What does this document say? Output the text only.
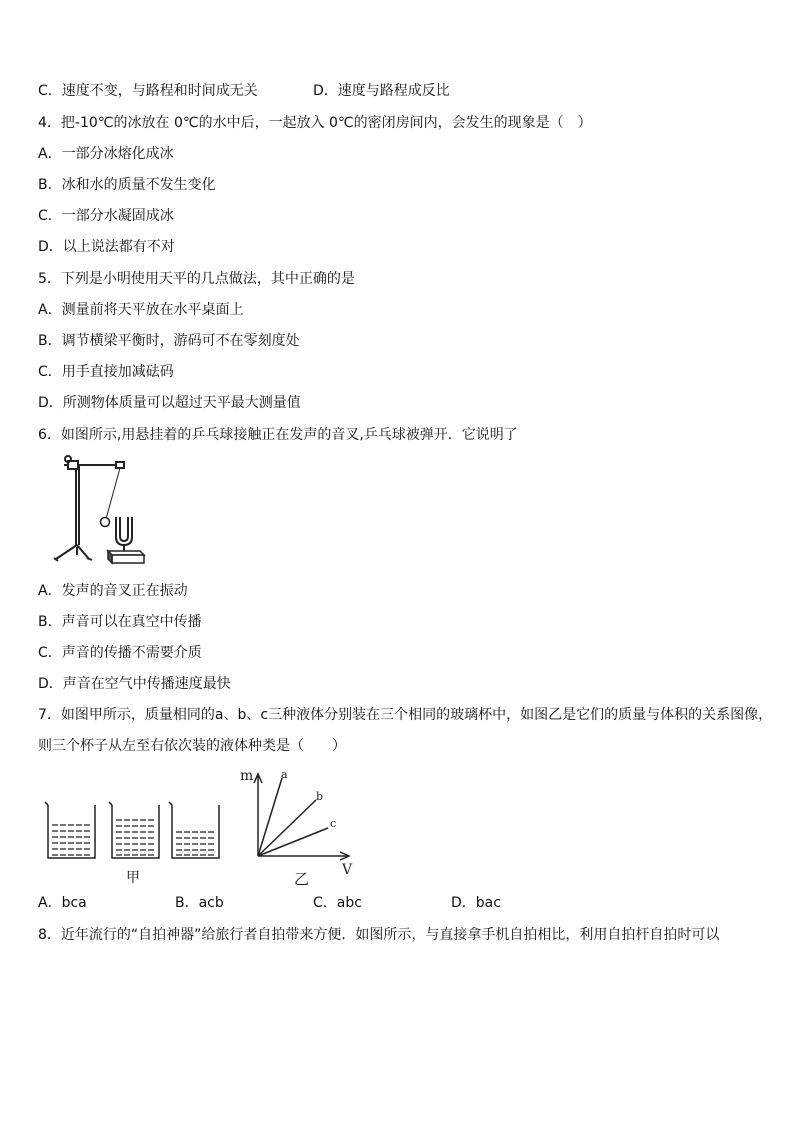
C．速度不变，与路程和时间成无关	D．速度与路程成反比
4．把-10℃的冰放在 0℃的水中后，一起放入 0℃的密闭房间内，会发生的现象是（　）
A．一部分冰熔化成冰
B．冰和水的质量不发生变化
C．一部分水凝固成冰
D．以上说法都有不对
5．下列是小明使用天平的几点做法，其中正确的是
A．测量前将天平放在水平桌面上
B．调节横梁平衡时，游码可不在零刻度处
C．用手直接加减砝码
D．所测物体质量可以超过天平最大测量值
6．如图所示,用悬挂着的乒乓球接触正在发声的音叉,乒乓球被弹开．它说明了
A．发声的音叉正在振动
B．声音可以在真空中传播
C．声音的传播不需要介质
D．声音在空气中传播速度最快
7．如图甲所示，质量相同的a、b、c三种液体分别装在三个相同的玻璃杯中，如图乙是它们的质量与体积的关系图像，
则三个杯子从左至右依次装的液体种类是（　　）
甲
m
V
a
b
c
乙
A．bca	B．acb	C．abc	D．bac
8．近年流行的“自拍神器”给旅行者自拍带来方便．如图所示，与直接拿手机自拍相比，利用自拍杆自拍时可以
